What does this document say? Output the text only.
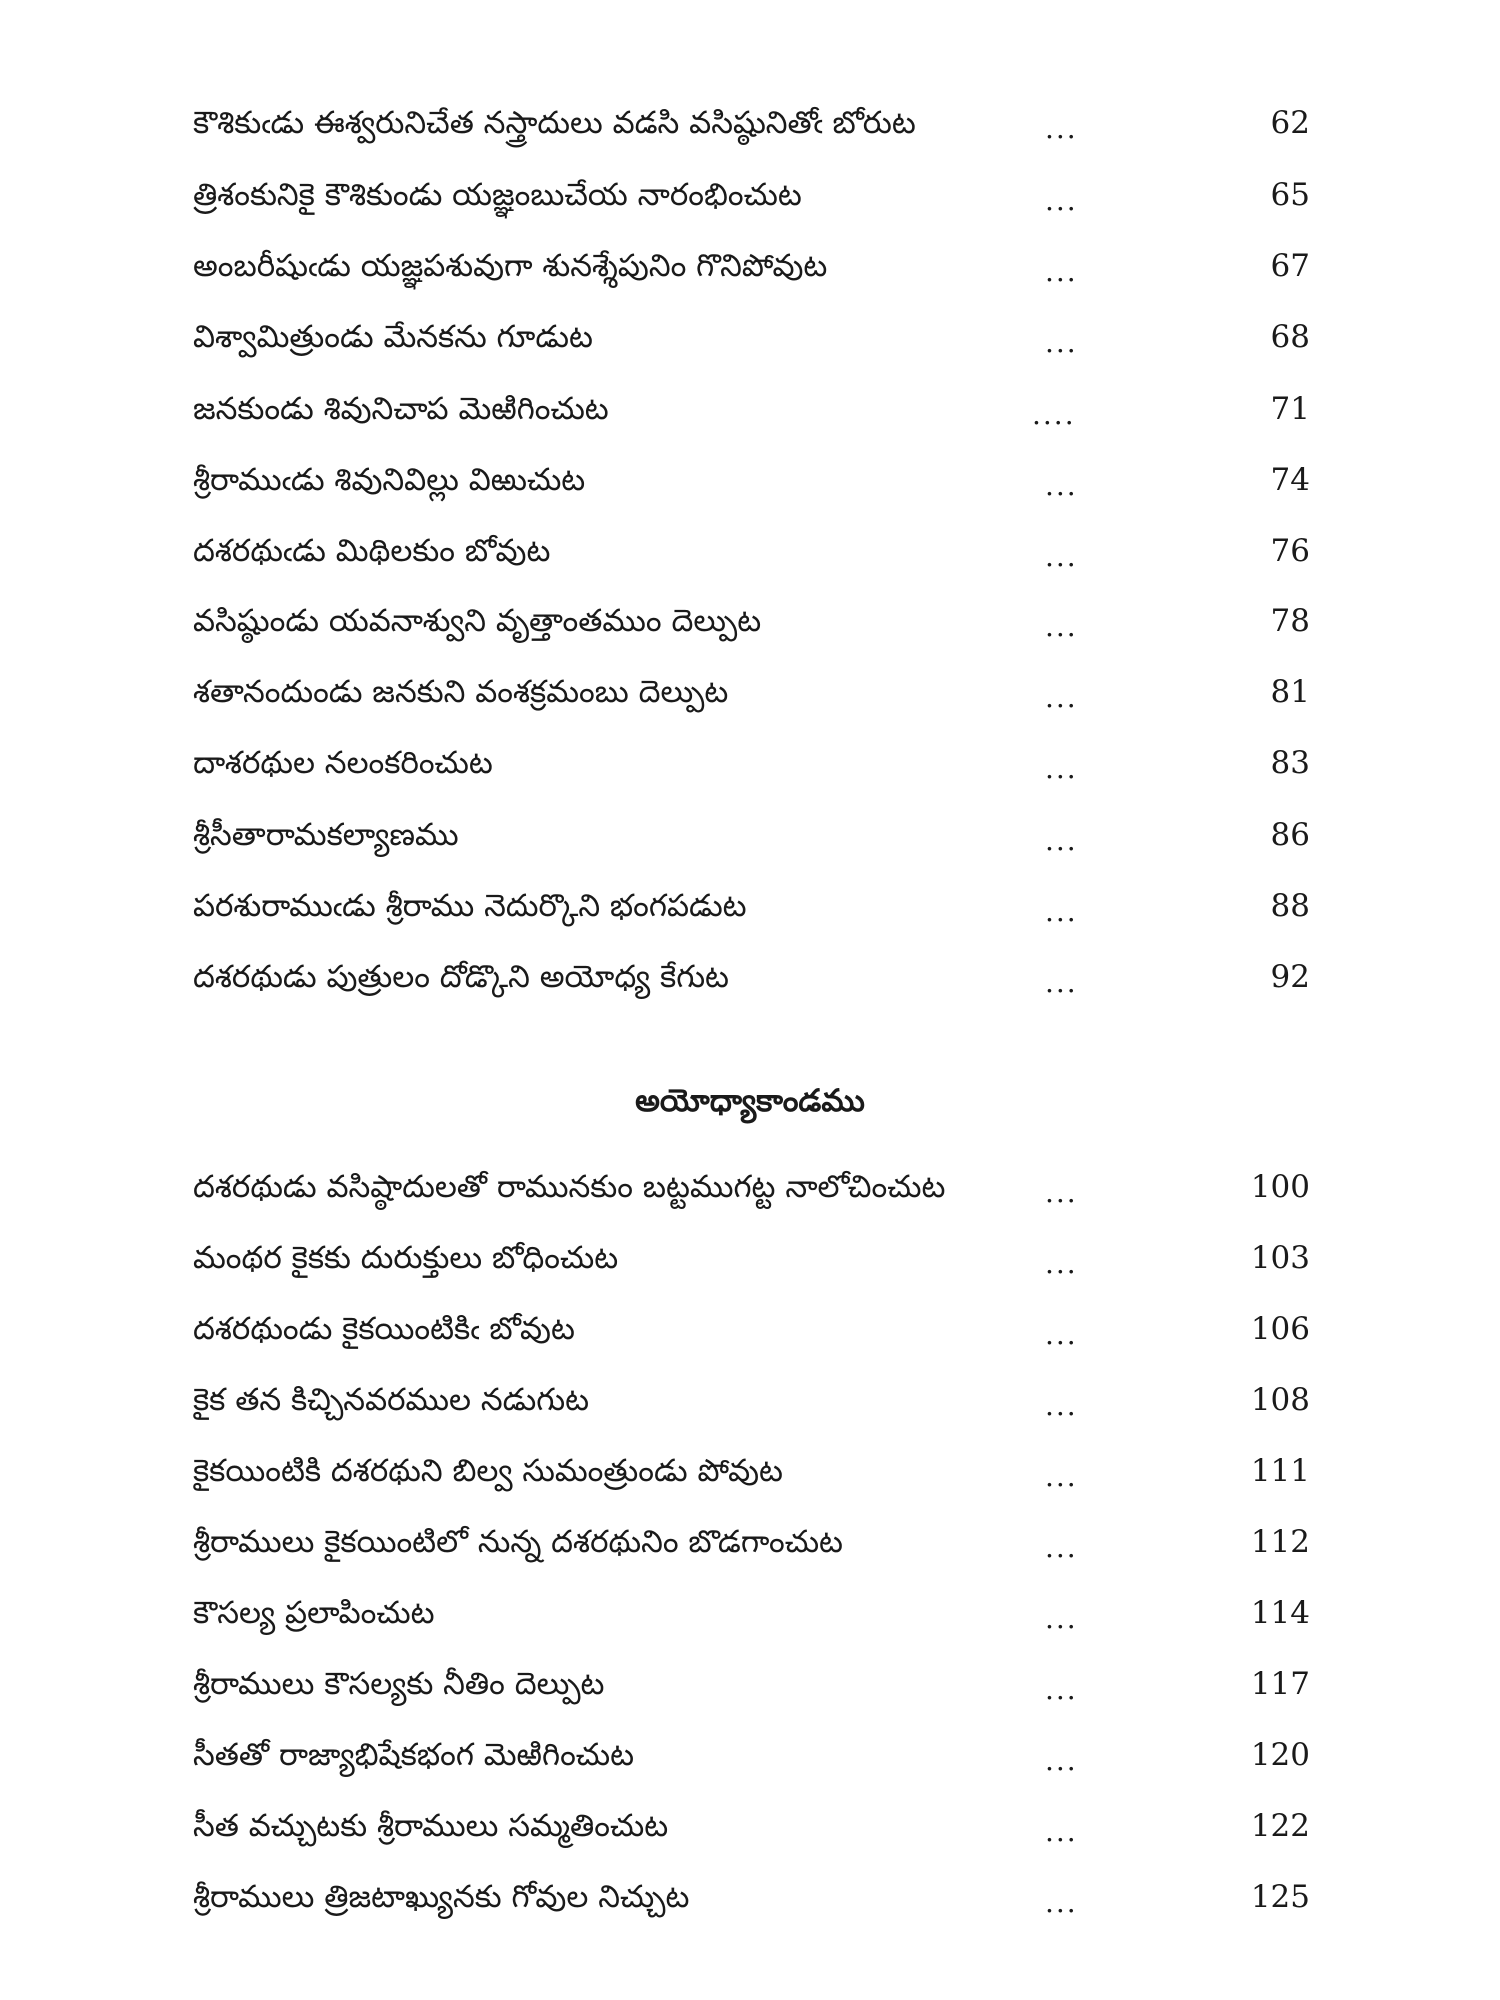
కౌశికుఁడు ఈశ్వరునిచేత నస్త్రాదులు వడసి వసిష్ఠునితోఁ బోరుట	...	62
త్రిశంకునికై కౌశికుండు యజ్ఞంబుచేయ నారంభించుట	...	65
అంబరీషుఁడు యజ్ఞపశువుగా శునశ్శేపునిం గొనిపోవుట	...	67
విశ్వామిత్రుండు మేనకను గూడుట	...	68
జనకుండు శివునిచాప మెఱిగించుట	....	71
శ్రీరాముఁడు శివునివిల్లు విఱుచుట	...	74
దశరథుఁడు మిథిలకుం బోవుట	...	76
వసిష్ఠుండు యవనాశ్వుని వృత్తాంతముం దెల్పుట	...	78
శతానందుండు జనకుని వంశక్రమంబు దెల్పుట	...	81
దాశరథుల నలంకరించుట	...	83
శ్రీసీతారామకల్యాణము	...	86
పరశురాముఁడు శ్రీరాము నెదుర్కొని భంగపడుట	...	88
దశరథుడు పుత్రులం దోడ్కొని అయోధ్య కేగుట	...	92
అయోధ్యాకాండము
దశరథుడు వసిష్ఠాదులతో రామునకుం బట్టముగట్ట నాలోచించుట	...	100
మంథర కైకకు దురుక్తులు బోధించుట	...	103
దశరథుండు కైకయింటికిఁ బోవుట	...	106
కైక తన కిచ్చినవరముల నడుగుట	...	108
కైకయింటికి దశరథుని బిల్వ సుమంత్రుండు పోవుట	...	111
శ్రీరాములు కైకయింటిలో నున్న దశరథునిం బొడగాంచుట	...	112
కౌసల్య ప్రలాపించుట	...	114
శ్రీరాములు కౌసల్యకు నీతిం దెల్పుట	...	117
సీతతో రాజ్యాభిషేకభంగ మెఱిగించుట	...	120
సీత వచ్చుటకు శ్రీరాములు సమ్మతించుట	...	122
శ్రీరాములు త్రిజటాఖ్యునకు గోవుల నిచ్చుట	...	125
